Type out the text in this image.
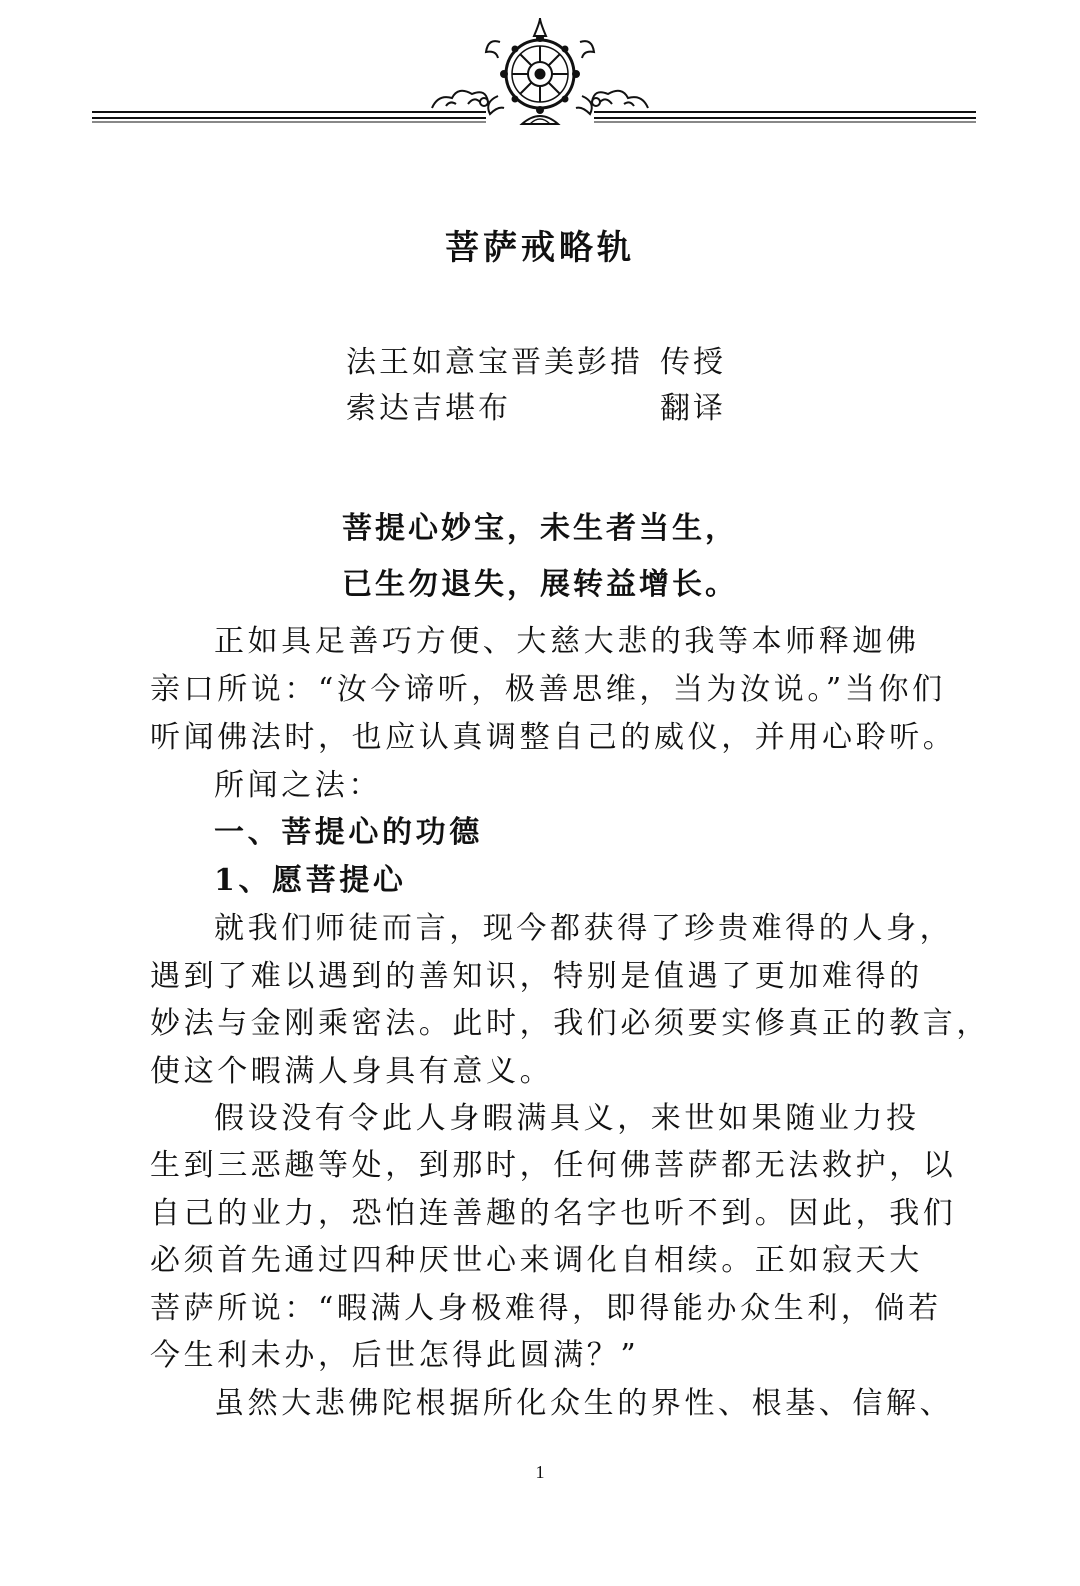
菩萨戒略轨
法王如意宝晋美彭措 传授
索达吉堪布	翻译
菩提心妙宝，未生者当生，
已生勿退失，展转益增长。
正如具足善巧方便、大慈大悲的我等本师释迦佛
亲口所说：“汝今谛听，极善思维，当为汝说。”当你们
听闻佛法时，也应认真调整自己的威仪，并用心聆听。
所闻之法：
一、菩提心的功德
1、愿菩提心
就我们师徒而言，现今都获得了珍贵难得的人身，
遇到了难以遇到的善知识，特别是值遇了更加难得的
妙法与金刚乘密法。此时，我们必须要实修真正的教言，
使这个暇满人身具有意义。
假设没有令此人身暇满具义，来世如果随业力投
生到三恶趣等处，到那时，任何佛菩萨都无法救护，以
自己的业力，恐怕连善趣的名字也听不到。因此，我们
必须首先通过四种厌世心来调化自相续。正如寂天大
菩萨所说：“暇满人身极难得，即得能办众生利，倘若
今生利未办，后世怎得此圆满？”
虽然大悲佛陀根据所化众生的界性、根基、信解、
1
